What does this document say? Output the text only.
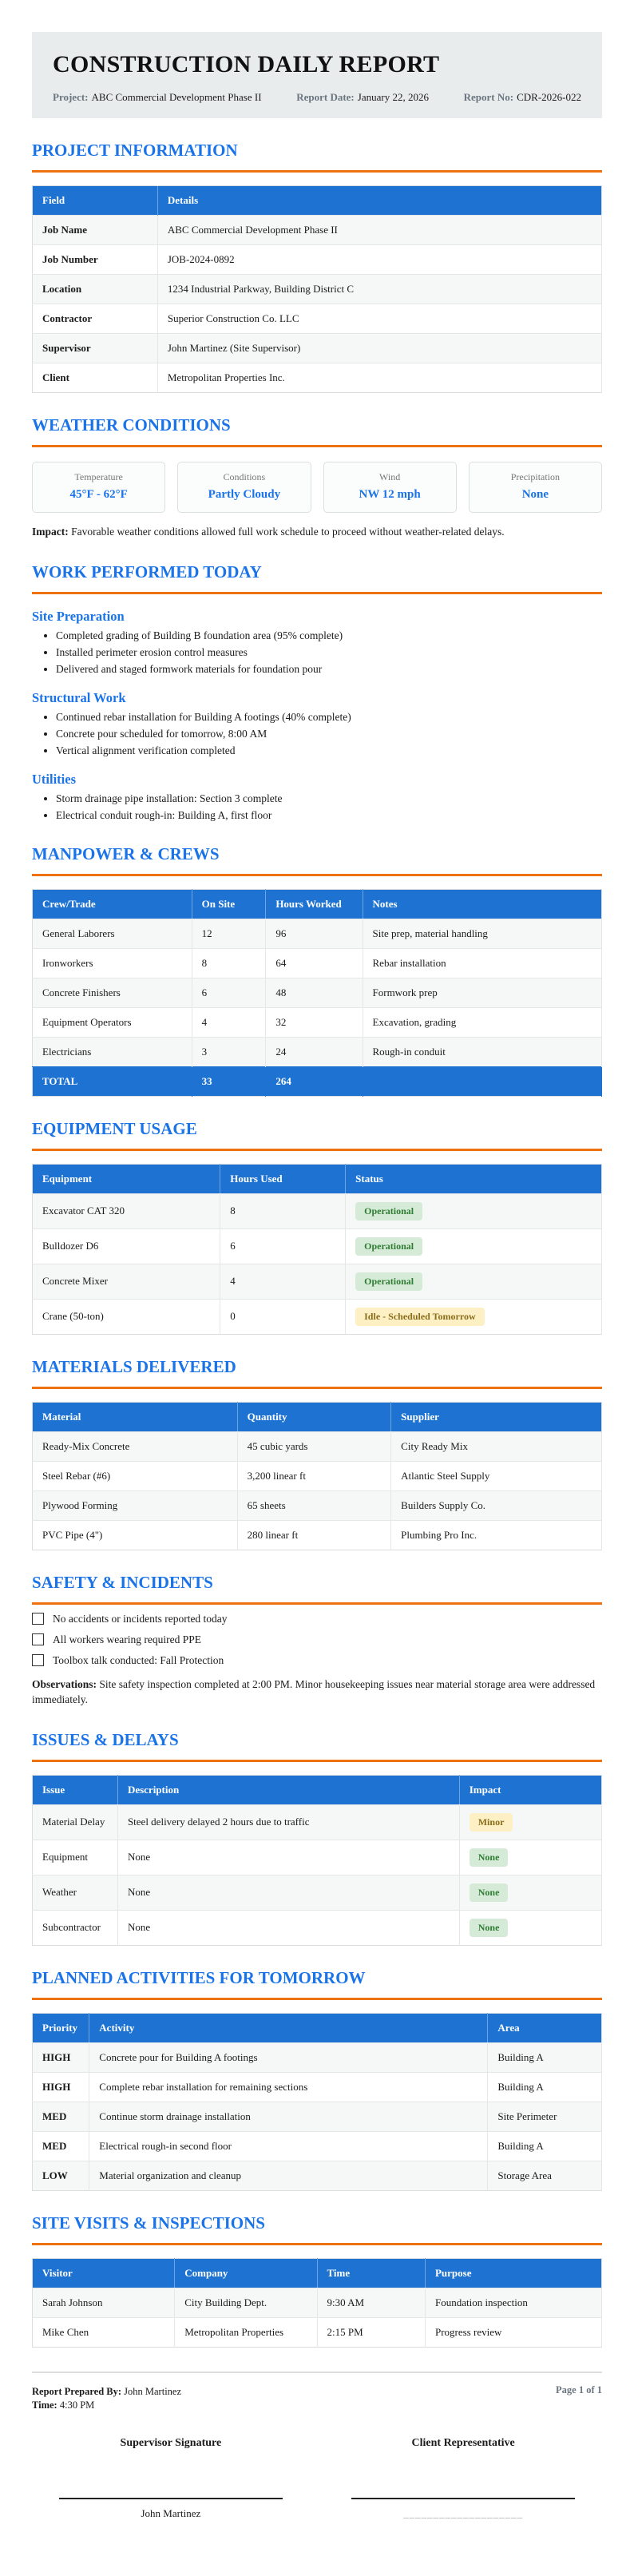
CONSTRUCTION DAILY REPORT
Project: ABC Commercial Development Phase II	Report Date: January 22, 2026	Report No: CDR-2026-022
PROJECT INFORMATION
Field	Details
Job Name	ABC Commercial Development Phase II
Job Number	JOB-2024-0892
Location	1234 Industrial Parkway, Building District C
Contractor	Superior Construction Co. LLC
Supervisor	John Martinez (Site Supervisor)
Client	Metropolitan Properties Inc.
WEATHER CONDITIONS
Temperature
45°F - 62°F
Conditions
Partly Cloudy
Wind
NW 12 mph
Precipitation
None

Impact: Favorable weather conditions allowed full work schedule to proceed without weather-related delays.

WORK PERFORMED TODAY
Site Preparation
• Completed grading of Building B foundation area (95% complete)
• Installed perimeter erosion control measures
• Delivered and staged formwork materials for foundation pour
Structural Work
• Continued rebar installation for Building A footings (40% complete)
• Concrete pour scheduled for tomorrow, 8:00 AM
• Vertical alignment verification completed
Utilities
• Storm drainage pipe installation: Section 3 complete
• Electrical conduit rough-in: Building A, first floor
MANPOWER & CREWS
Crew/Trade	On Site	Hours Worked	Notes
General Laborers	12	96	Site prep, material handling
Ironworkers	8	64	Rebar installation
Concrete Finishers	6	48	Formwork prep
Equipment Operators	4	32	Excavation, grading
Electricians	3	24	Rough-in conduit
TOTAL	33	264	
EQUIPMENT USAGE
Equipment	Hours Used	Status
Excavator CAT 320	8	Operational
Bulldozer D6	6	Operational
Concrete Mixer	4	Operational
Crane (50-ton)	0	Idle - Scheduled Tomorrow
MATERIALS DELIVERED
Material	Quantity	Supplier
Ready-Mix Concrete	45 cubic yards	City Ready Mix
Steel Rebar (#6)	3,200 linear ft	Atlantic Steel Supply
Plywood Forming	65 sheets	Builders Supply Co.
PVC Pipe (4")	280 linear ft	Plumbing Pro Inc.
SAFETY & INCIDENTS
No accidents or incidents reported today
All workers wearing required PPE
Toolbox talk conducted: Fall Protection

Observations: Site safety inspection completed at 2:00 PM. Minor housekeeping issues near material storage area were addressed immediately.

ISSUES & DELAYS
Issue	Description	Impact
Material Delay	Steel delivery delayed 2 hours due to traffic	Minor
Equipment	None	None
Weather	None	None
Subcontractor	None	None
PLANNED ACTIVITIES FOR TOMORROW
Priority	Activity	Area
HIGH	Concrete pour for Building A footings	Building A
HIGH	Complete rebar installation for remaining sections	Building A
MED	Continue storm drainage installation	Site Perimeter
MED	Electrical rough-in second floor	Building A
LOW	Material organization and cleanup	Storage Area
SITE VISITS & INSPECTIONS
Visitor	Company	Time	Purpose
Sarah Johnson	City Building Dept.	9:30 AM	Foundation inspection
Mike Chen	Metropolitan Properties	2:15 PM	Progress review
Report Prepared By: John Martinez
Time: 4:30 PM
Page 1 of 1
Supervisor Signature
John Martinez
Client Representative
____________________
